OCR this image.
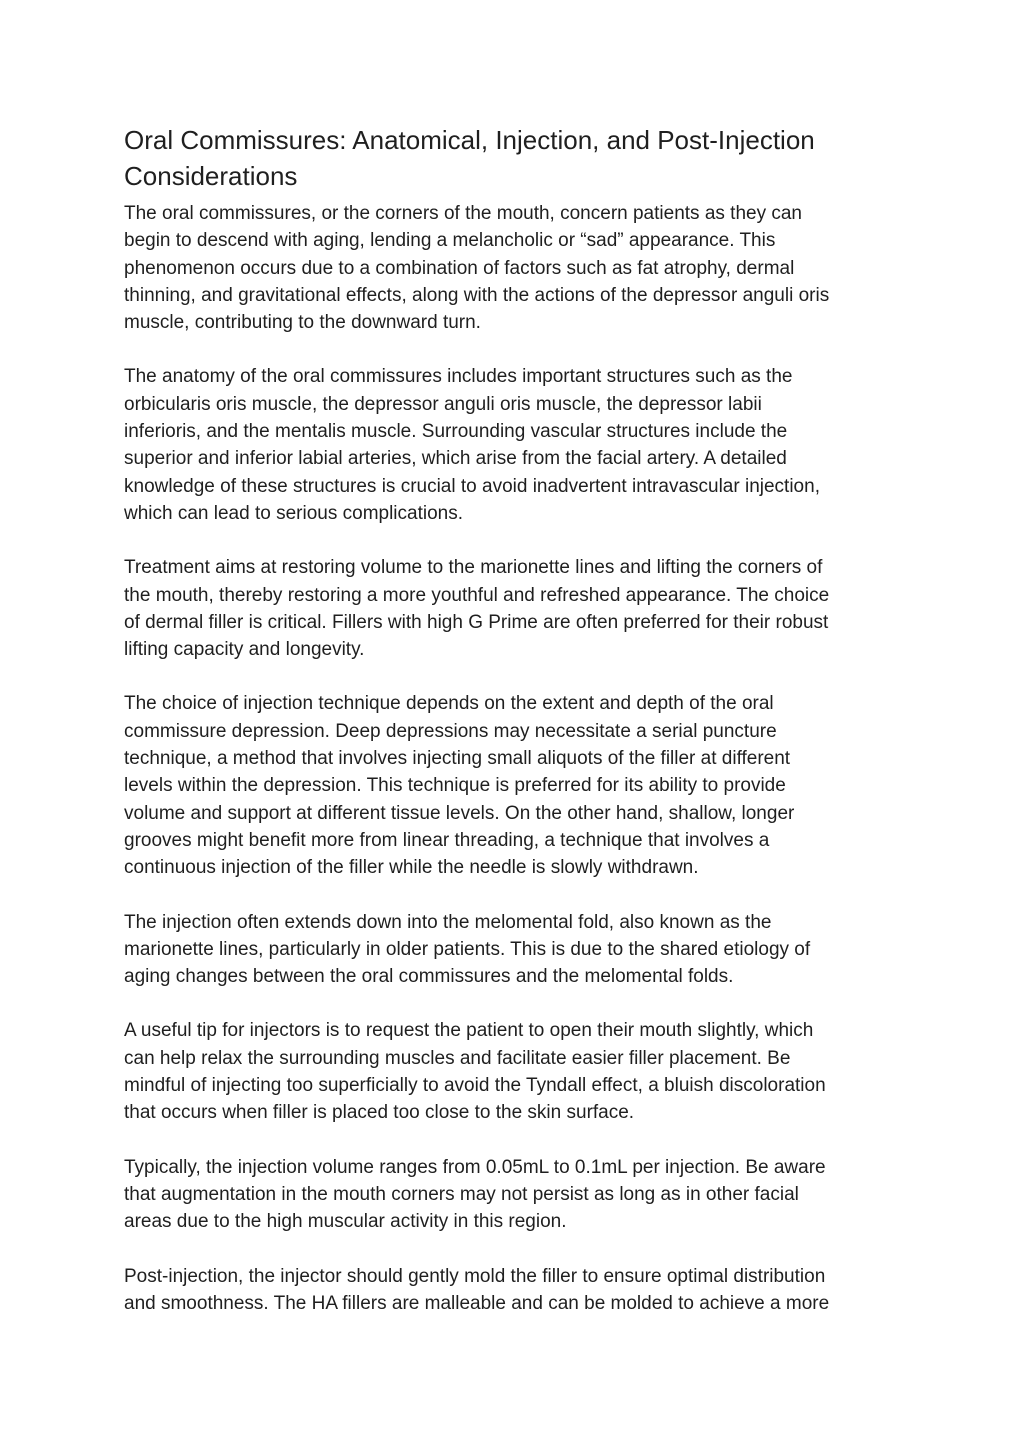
Oral Commissures: Anatomical, Injection, and Post-Injection
Considerations

The oral commissures, or the corners of the mouth, concern patients as they can
begin to descend with aging, lending a melancholic or “sad” appearance. This
phenomenon occurs due to a combination of factors such as fat atrophy, dermal
thinning, and gravitational effects, along with the actions of the depressor anguli oris
muscle, contributing to the downward turn.

The anatomy of the oral commissures includes important structures such as the
orbicularis oris muscle, the depressor anguli oris muscle, the depressor labii
inferioris, and the mentalis muscle. Surrounding vascular structures include the
superior and inferior labial arteries, which arise from the facial artery. A detailed
knowledge of these structures is crucial to avoid inadvertent intravascular injection,
which can lead to serious complications.

Treatment aims at restoring volume to the marionette lines and lifting the corners of
the mouth, thereby restoring a more youthful and refreshed appearance. The choice
of dermal filler is critical. Fillers with high G Prime are often preferred for their robust
lifting capacity and longevity.

The choice of injection technique depends on the extent and depth of the oral
commissure depression. Deep depressions may necessitate a serial puncture
technique, a method that involves injecting small aliquots of the filler at different
levels within the depression. This technique is preferred for its ability to provide
volume and support at different tissue levels. On the other hand, shallow, longer
grooves might benefit more from linear threading, a technique that involves a
continuous injection of the filler while the needle is slowly withdrawn.

The injection often extends down into the melomental fold, also known as the
marionette lines, particularly in older patients. This is due to the shared etiology of
aging changes between the oral commissures and the melomental folds.

A useful tip for injectors is to request the patient to open their mouth slightly, which
can help relax the surrounding muscles and facilitate easier filler placement. Be
mindful of injecting too superficially to avoid the Tyndall effect, a bluish discoloration
that occurs when filler is placed too close to the skin surface.

Typically, the injection volume ranges from 0.05mL to 0.1mL per injection. Be aware
that augmentation in the mouth corners may not persist as long as in other facial
areas due to the high muscular activity in this region.

Post-injection, the injector should gently mold the filler to ensure optimal distribution
and smoothness. The HA fillers are malleable and can be molded to achieve a more
